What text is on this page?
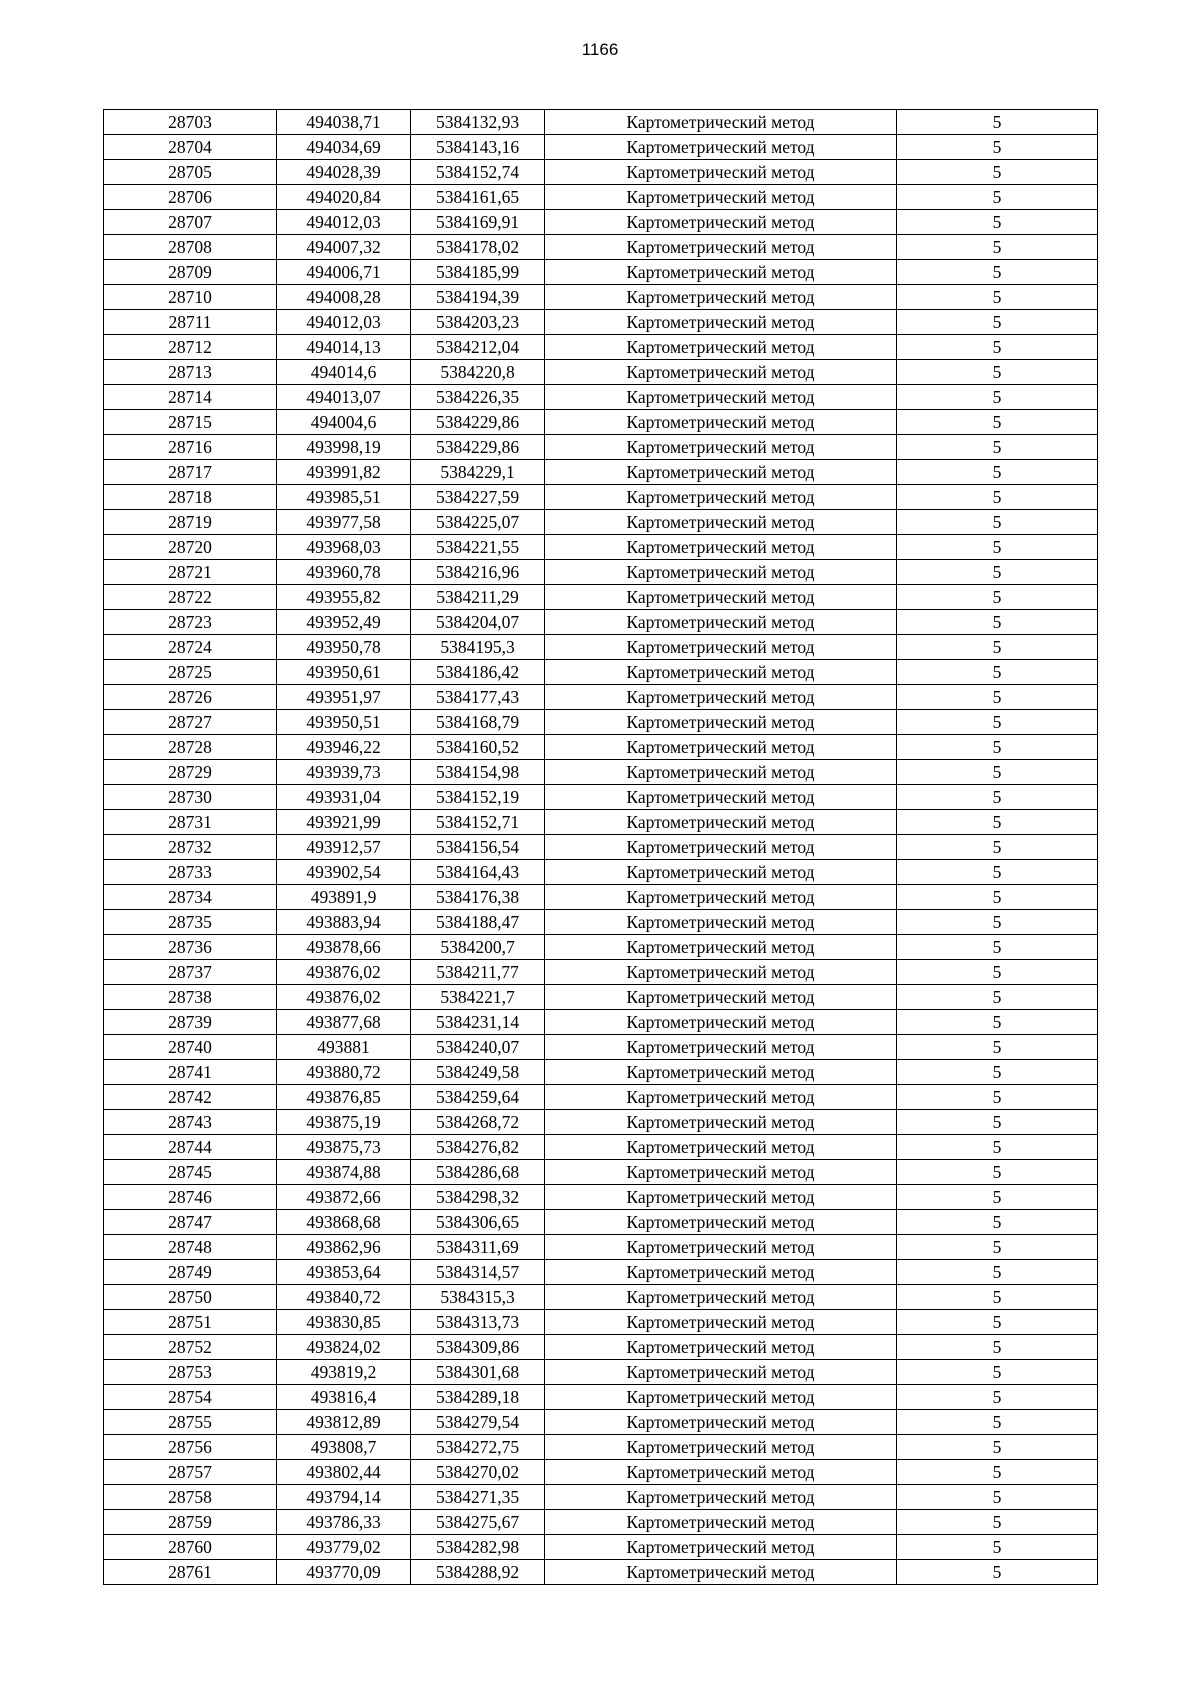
1166
28703	494038,71	5384132,93	Картометрический метод	5
28704	494034,69	5384143,16	Картометрический метод	5
28705	494028,39	5384152,74	Картометрический метод	5
28706	494020,84	5384161,65	Картометрический метод	5
28707	494012,03	5384169,91	Картометрический метод	5
28708	494007,32	5384178,02	Картометрический метод	5
28709	494006,71	5384185,99	Картометрический метод	5
28710	494008,28	5384194,39	Картометрический метод	5
28711	494012,03	5384203,23	Картометрический метод	5
28712	494014,13	5384212,04	Картометрический метод	5
28713	494014,6	5384220,8	Картометрический метод	5
28714	494013,07	5384226,35	Картометрический метод	5
28715	494004,6	5384229,86	Картометрический метод	5
28716	493998,19	5384229,86	Картометрический метод	5
28717	493991,82	5384229,1	Картометрический метод	5
28718	493985,51	5384227,59	Картометрический метод	5
28719	493977,58	5384225,07	Картометрический метод	5
28720	493968,03	5384221,55	Картометрический метод	5
28721	493960,78	5384216,96	Картометрический метод	5
28722	493955,82	5384211,29	Картометрический метод	5
28723	493952,49	5384204,07	Картометрический метод	5
28724	493950,78	5384195,3	Картометрический метод	5
28725	493950,61	5384186,42	Картометрический метод	5
28726	493951,97	5384177,43	Картометрический метод	5
28727	493950,51	5384168,79	Картометрический метод	5
28728	493946,22	5384160,52	Картометрический метод	5
28729	493939,73	5384154,98	Картометрический метод	5
28730	493931,04	5384152,19	Картометрический метод	5
28731	493921,99	5384152,71	Картометрический метод	5
28732	493912,57	5384156,54	Картометрический метод	5
28733	493902,54	5384164,43	Картометрический метод	5
28734	493891,9	5384176,38	Картометрический метод	5
28735	493883,94	5384188,47	Картометрический метод	5
28736	493878,66	5384200,7	Картометрический метод	5
28737	493876,02	5384211,77	Картометрический метод	5
28738	493876,02	5384221,7	Картометрический метод	5
28739	493877,68	5384231,14	Картометрический метод	5
28740	493881	5384240,07	Картометрический метод	5
28741	493880,72	5384249,58	Картометрический метод	5
28742	493876,85	5384259,64	Картометрический метод	5
28743	493875,19	5384268,72	Картометрический метод	5
28744	493875,73	5384276,82	Картометрический метод	5
28745	493874,88	5384286,68	Картометрический метод	5
28746	493872,66	5384298,32	Картометрический метод	5
28747	493868,68	5384306,65	Картометрический метод	5
28748	493862,96	5384311,69	Картометрический метод	5
28749	493853,64	5384314,57	Картометрический метод	5
28750	493840,72	5384315,3	Картометрический метод	5
28751	493830,85	5384313,73	Картометрический метод	5
28752	493824,02	5384309,86	Картометрический метод	5
28753	493819,2	5384301,68	Картометрический метод	5
28754	493816,4	5384289,18	Картометрический метод	5
28755	493812,89	5384279,54	Картометрический метод	5
28756	493808,7	5384272,75	Картометрический метод	5
28757	493802,44	5384270,02	Картометрический метод	5
28758	493794,14	5384271,35	Картометрический метод	5
28759	493786,33	5384275,67	Картометрический метод	5
28760	493779,02	5384282,98	Картометрический метод	5
28761	493770,09	5384288,92	Картометрический метод	5
